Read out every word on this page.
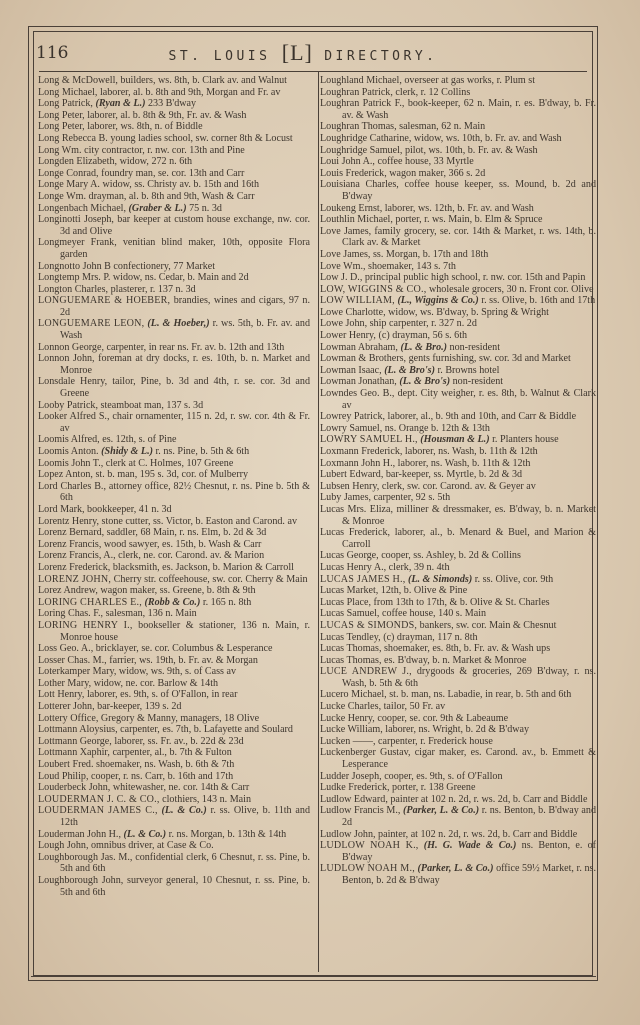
116	ST. LOUIS [L] DIRECTORY.
Long & McDowell, builders, ws. 8th, b. Clark av. and Walnut
Long Michael, laborer, al. b. 8th and 9th, Morgan and Fr. av
Long Patrick, (Ryan & L.) 233 B'dway
Long Peter, laborer, al. b. 8th & 9th, Fr. av. & Wash
Long Peter, laborer, ws. 8th, n. of Biddle
Long Rebecca B. young ladies school, sw. corner 8th & Locust
Long Wm. city contractor, r. nw. cor. 13th and Pine
Longden Elizabeth, widow, 272 n. 6th
Longe Conrad, foundry man, se. cor. 13th and Carr
Longe Mary A. widow, ss. Christy av. b. 15th and 16th
Longe Wm. drayman, al. b. 8th and 9th, Wash & Carr
Longenbach Michael, (Graber & L.) 75 n. 3d
Longinotti Joseph, bar keeper at custom house exchange, nw. cor. 3d and Olive
Longmeyer Frank, venitian blind maker, 10th, opposite Flora garden
Longnotto John B confectionery, 77 Market
Longtemp Mrs. P. widow, ns. Cedar, b. Main and 2d
Longton Charles, plasterer, r. 137 n. 3d
LONGUEMARE & HOEBER, brandies, wines and cigars, 97 n. 2d
LONGUEMARE LEON, (L. & Hoeber,) r. ws. 5th, b. Fr. av. and Wash
Lonnon George, carpenter, in rear ns. Fr. av. b. 12th and 13th
Lonnon John, foreman at dry docks, r. es. 10th, b. n. Market and Monroe
Lonsdale Henry, tailor, Pine, b. 3d and 4th, r. se. cor. 3d and Greene
Looby Patrick, steamboat man, 137 s. 3d
Looker Alfred S., chair ornamenter, 115 n. 2d, r. sw. cor. 4th & Fr. av
Loomis Alfred, es. 12th, s. of Pine
Loomis Anton. (Shidy & L.) r. ns. Pine, b. 5th & 6th
Loomis John T., clerk at C. Holmes, 107 Greene
Lopez Anton, st. b. man, 195 s. 3d, cor. of Mulberry
Lord Charles B., attorney office, 82½ Chesnut, r. ns. Pine b. 5th & 6th
Lord Mark, bookkeeper, 41 n. 3d
Lorentz Henry, stone cutter, ss. Victor, b. Easton and Carond. av
Lorenz Bernard, saddler, 68 Main, r. ns. Elm, b. 2d & 3d
Lorenz Francis, wood sawyer, es. 15th, b. Wash & Carr
Lorenz Francis, A., clerk, ne. cor. Carond. av. & Marion
Lorenz Frederick, blacksmith, es. Jackson, b. Marion & Carroll
LORENZ JOHN, Cherry str. coffeehouse, sw. cor. Cherry & Main
Lorez Andrew, wagon maker, ss. Greene, b. 8th & 9th
LORING CHARLES E., (Robb & Co.) r. 165 n. 8th
Loring Chas. F., salesman, 136 n. Main
LORING HENRY I., bookseller & stationer, 136 n. Main, r. Monroe house
Loss Geo. A., bricklayer, se. cor. Columbus & Lesperance
Losser Chas. M., farrier, ws. 19th, b. Fr. av. & Morgan
Loterkamper Mary, widow, ws. 9th, s. of Cass av
Lother Mary, widow, ne. cor. Barlow & 14th
Lott Henry, laborer, es. 9th, s. of O'Fallon, in rear
Lotterer John, bar-keeper, 139 s. 2d
Lottery Office, Gregory & Manny, managers, 18 Olive
Lottmann Aloysius, carpenter, es. 7th, b. Lafayette and Soulard
Lottmann George, laborer, ss. Fr. av., b. 22d & 23d
Lottmann Xaphir, carpenter, al., b. 7th & Fulton
Loubert Fred. shoemaker, ns. Wash, b. 6th & 7th
Loud Philip, cooper, r. ns. Carr, b. 16th and 17th
Louderbeck John, whitewasher, ne. cor. 14th & Carr
LOUDERMAN J. C. & CO., clothiers, 143 n. Main
LOUDERMAN JAMES C., (L. & Co.) r. ss. Olive, b. 11th and 12th
Louderman John H., (L. & Co.) r. ns. Morgan, b. 13th & 14th
Lough John, omnibus driver, at Case & Co.
Loughborough Jas. M., confidential clerk, 6 Chesnut, r. ss. Pine, b. 5th and 6th
Loughborough John, surveyor general, 10 Chesnut, r. ss. Pine, b. 5th and 6th
Loughland Michael, overseer at gas works, r. Plum st
Loughran Patrick, clerk, r. 12 Collins
Loughran Patrick F., book-keeper, 62 n. Main, r. es. B'dway, b. Fr. av. & Wash
Loughran Thomas, salesman, 62 n. Main
Loughridge Catharine, widow, ws. 10th, b. Fr. av. and Wash
Loughridge Samuel, pilot, ws. 10th, b. Fr. av. & Wash
Loui John A., coffee house, 33 Myrtle
Louis Frederick, wagon maker, 366 s. 2d
Louisiana Charles, coffee house keeper, ss. Mound, b. 2d and B'dway
Loukeng Ernst, laborer, ws. 12th, b. Fr. av. and Wash
Louthlin Michael, porter, r. ws. Main, b. Elm & Spruce
Love James, family grocery, se. cor. 14th & Market, r. ws. 14th, b. Clark av. & Market
Love James, ss. Morgan, b. 17th and 18th
Love Wm., shoemaker, 143 s. 7th
Low J. D., principal public high school, r. nw. cor. 15th and Papin
LOW, WIGGINS & CO., wholesale grocers, 30 n. Front cor. Olive
LOW WILLIAM, (L., Wiggins & Co.) r. ss. Olive, b. 16th and 17th
Lowe Charlotte, widow, ws. B'dway, b. Spring & Wright
Lowe John, ship carpenter, r. 327 n. 2d
Lower Henry, (c) drayman, 56 s. 6th
Lowman Abraham, (L. & Bro.) non-resident
Lowman & Brothers, gents furnishing, sw. cor. 3d and Market
Lowman Isaac, (L. & Bro's) r. Browns hotel
Lowman Jonathan, (L. & Bro's) non-resident
Lowndes Geo. B., dept. City weigher, r. es. 8th, b. Walnut & Clark av
Lowrey Patrick, laborer, al., b. 9th and 10th, and Carr & Biddle
Lowry Samuel, ns. Orange b. 12th & 13th
LOWRY SAMUEL H., (Housman & L.) r. Planters house
Loxmann Frederick, laborer, ns. Wash, b. 11th & 12th
Loxmann John H., laborer, ns. Wash, b. 11th & 12th
Lubert Edward, bar-keeper, ss. Myrtle, b. 2d & 3d
Lubsen Henry, clerk, sw. cor. Carond. av. & Geyer av
Luby James, carpenter, 92 s. 5th
Lucas Mrs. Eliza, milliner & dressmaker, es. B'dway, b. n. Market & Monroe
Lucas Frederick, laborer, al., b. Menard & Buel, and Marion & Carroll
Lucas George, cooper, ss. Ashley, b. 2d & Collins
Lucas Henry A., clerk, 39 n. 4th
LUCAS JAMES H., (L. & Simonds) r. ss. Olive, cor. 9th
Lucas Market, 12th, b. Olive & Pine
Lucas Place, from 13th to 17th, & b. Olive & St. Charles
Lucas Samuel, coffee house, 140 s. Main
LUCAS & SIMONDS, bankers, sw. cor. Main & Chesnut
Lucas Tendley, (c) drayman, 117 n. 8th
Lucas Thomas, shoemaker, es. 8th, b. Fr. av. & Wash ups
Lucas Thomas, es. B'dway, b. n. Market & Monroe
LUCE ANDREW J., drygoods & groceries, 269 B'dway, r. ns. Wash, b. 5th & 6th
Lucero Michael, st. b. man, ns. Labadie, in rear, b. 5th and 6th
Lucke Charles, tailor, 50 Fr. av
Lucke Henry, cooper, se. cor. 9th & Labeaume
Lucke William, laborer, ns. Wright, b. 2d & B'dway
Lucken ——, carpenter, r. Frederick house
Luckenberger Gustav, cigar maker, es. Carond. av., b. Emmett & Lesperance
Ludder Joseph, cooper, es. 9th, s. of O'Fallon
Ludke Frederick, porter, r. 138 Greene
Ludlow Edward, painter at 102 n. 2d, r. ws. 2d, b. Carr and Biddle
Ludlow Francis M., (Parker, L. & Co.) r. ns. Benton, b. B'dway and 2d
Ludlow John, painter, at 102 n. 2d, r. ws. 2d, b. Carr and Biddle
LUDLOW NOAH K., (H. G. Wade & Co.) ns. Benton, e. of B'dway
LUDLOW NOAH M., (Parker, L. & Co.) office 59½ Market, r. ns. Benton, b. 2d & B'dway
